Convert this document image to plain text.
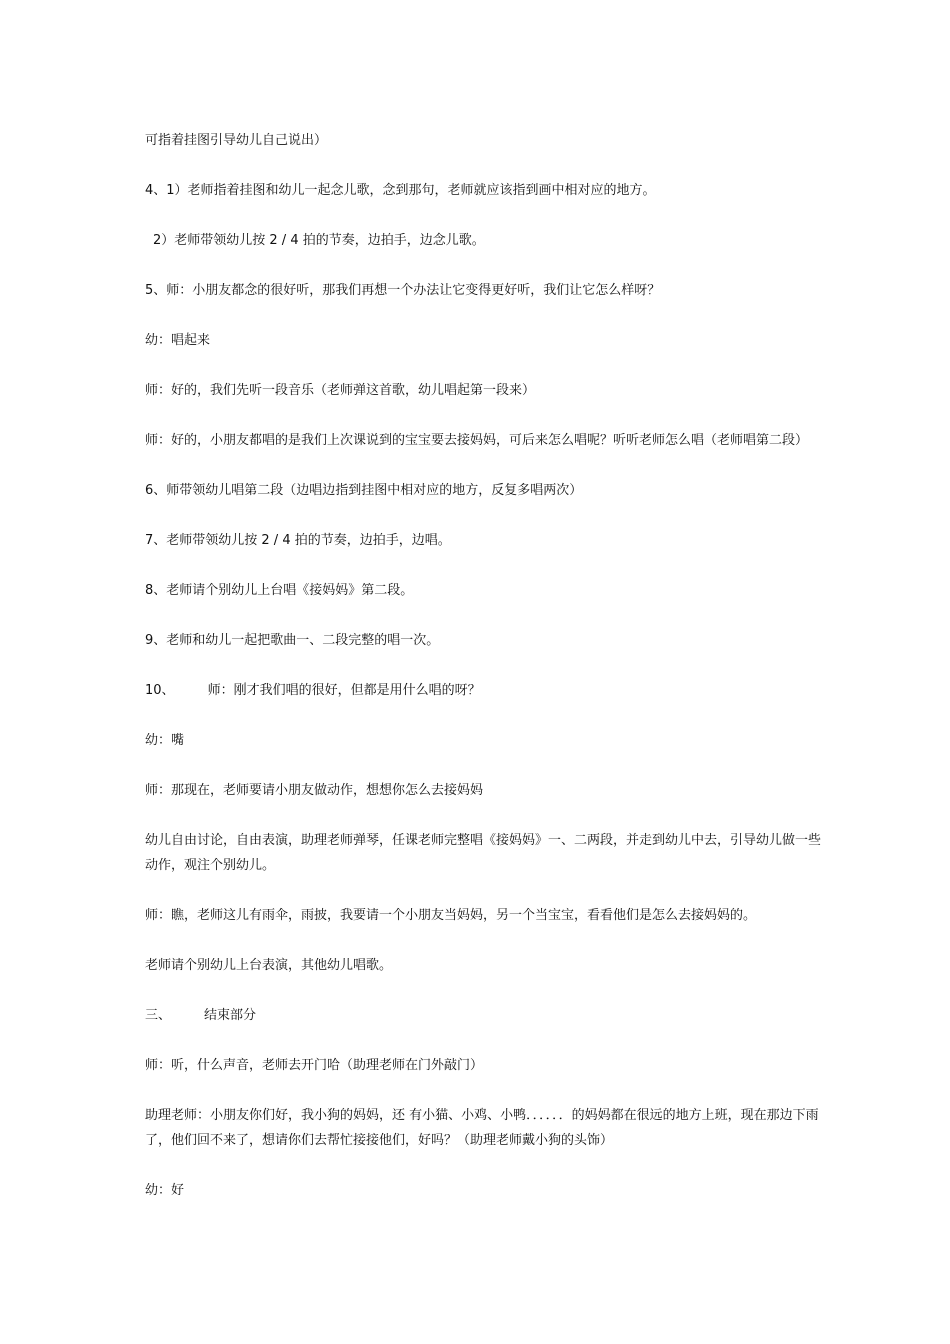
可指着挂图引导幼儿自己说出）

4、1）老师指着挂图和幼儿一起念儿歌，念到那句，老师就应该指到画中相对应的地方。

2）老师带领幼儿按 2 / 4 拍的节奏，边拍手，边念儿歌。

5、师：小朋友都念的很好听，那我们再想一个办法让它变得更好听，我们让它怎么样呀？

幼：唱起来

师：好的，我们先听一段音乐（老师弹这首歌，幼儿唱起第一段来）

师：好的，小朋友都唱的是我们上次课说到的宝宝要去接妈妈，可后来怎么唱呢？听听老师怎么唱（老师唱第二段）

6、师带领幼儿唱第二段（边唱边指到挂图中相对应的地方，反复多唱两次）

7、老师带领幼儿按 2 / 4 拍的节奏，边拍手，边唱。

8、老师请个别幼儿上台唱《接妈妈》第二段。

9、老师和幼儿一起把歌曲一、二段完整的唱一次。

10、        师：刚才我们唱的很好，但都是用什么唱的呀？

幼：嘴

师：那现在，老师要请小朋友做动作，想想你怎么去接妈妈

幼儿自由讨论，自由表演，助理老师弹琴，任课老师完整唱《接妈妈》一、二两段，并走到幼儿中去，引导幼儿做一些动作，观注个别幼儿。

师：瞧，老师这儿有雨伞，雨披，我要请一个小朋友当妈妈，另一个当宝宝，看看他们是怎么去接妈妈的。

老师请个别幼儿上台表演，其他幼儿唱歌。

三、        结束部分

师：听，什么声音，老师去开门哈（助理老师在门外敲门）

助理老师：小朋友你们好，我小狗的妈妈，还 有小猫、小鸡、小鸭．．．．．．的妈妈都在很远的地方上班，现在那边下雨了，他们回不来了，想请你们去帮忙接接他们，好吗？（助理老师戴小狗的头饰）

幼：好
